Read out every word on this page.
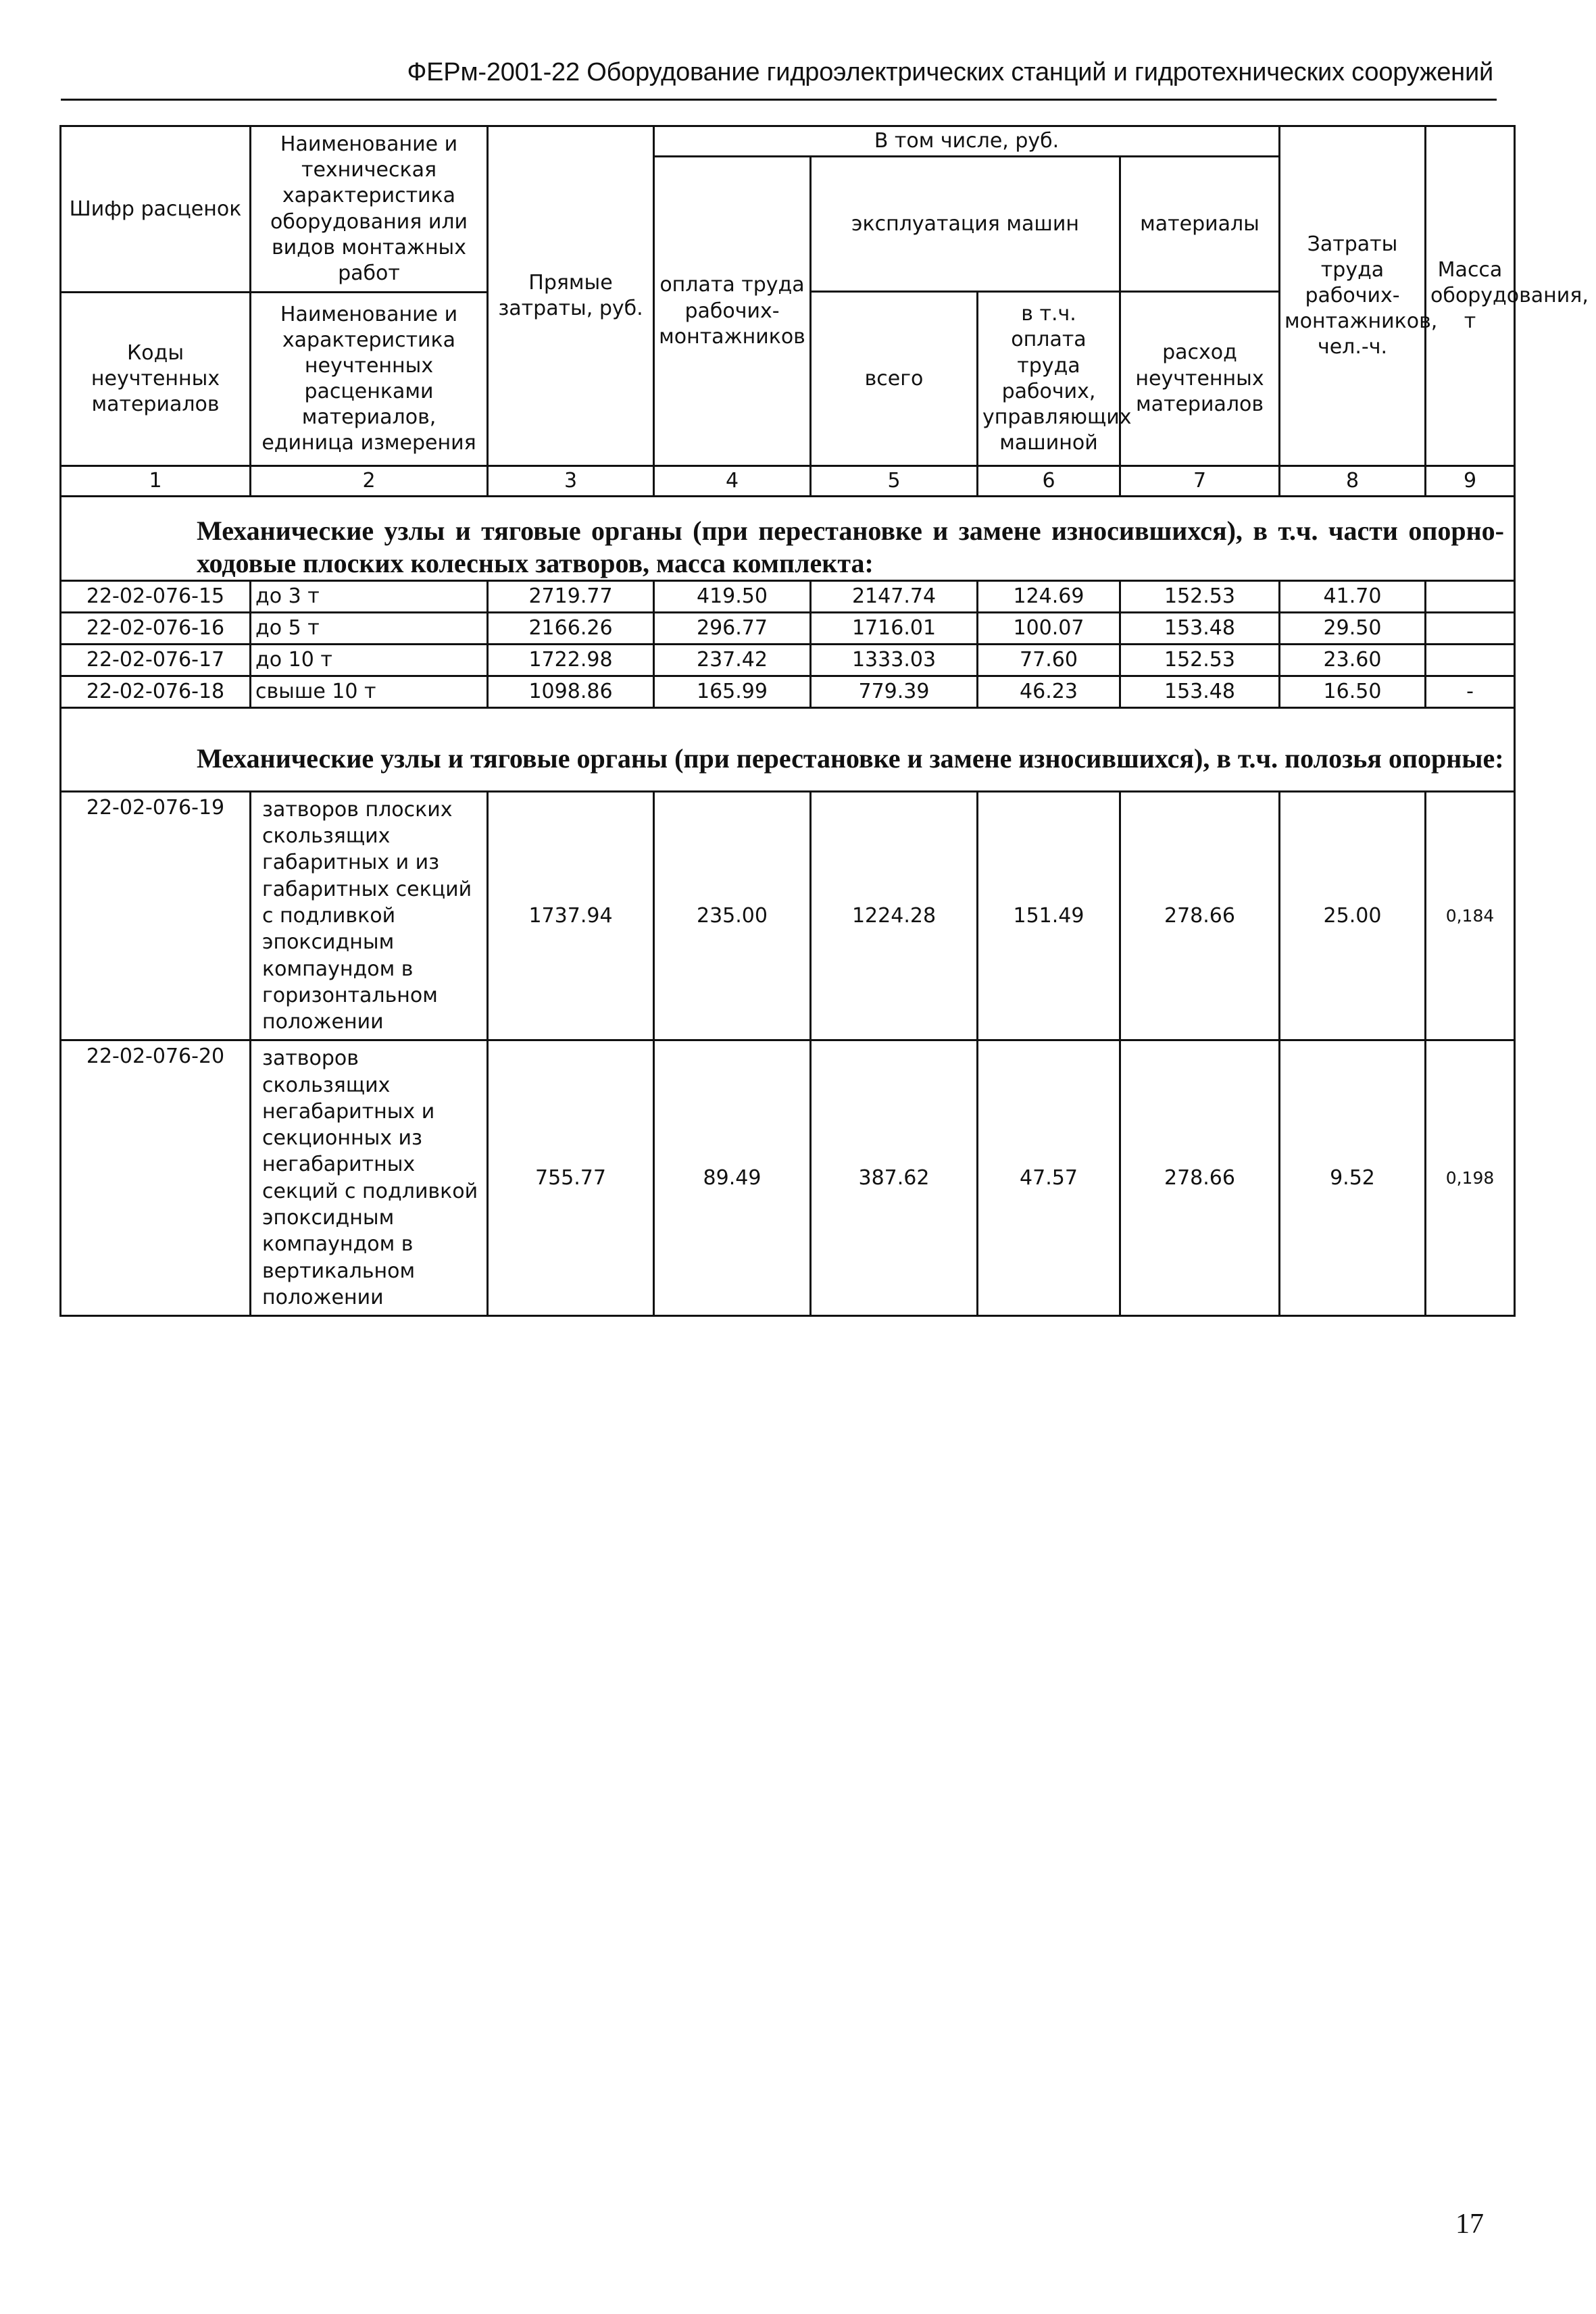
ФЕРм-2001-22 Оборудование гидроэлектрических станций и гидротехнических сооружений
Шифр расценок	Наименование и техническая характеристика оборудования или видов монтажных работ	Прямые затраты, руб.	В том числе, руб.				Затраты труда рабочих-монтажников, чел.-ч.	Масса оборудования, т
			оплата труда рабочих-монтажников	эксплуатация машин		материалы		
				всего	в т.ч. оплата труда рабочих, управляющих машиной	расход неучтенных материалов		
Коды неучтенных материалов	Наименование и характеристика неучтенных расценками материалов, единица измерения							

1	2	3	4	5	6	7	8	9
Механические узлы и тяговые органы (при перестановке и замене износившихся), в т.ч. части опорно-ходовые плоских колесных затворов, масса комплекта:								
22-02-076-15	до 3 т	2719.77	419.50	2147.74	124.69	152.53	41.70	
22-02-076-16	до 5 т	2166.26	296.77	1716.01	100.07	153.48	29.50	
22-02-076-17	до 10 т	1722.98	237.42	1333.03	77.60	152.53	23.60	
22-02-076-18	свыше 10 т	1098.86	165.99	779.39	46.23	153.48	16.50	-
Механические узлы и тяговые органы (при перестановке и замене износившихся), в т.ч. полозья опорные:								
22-02-076-19	затворов плоских скользящих габаритных и из габаритных секций с подливкой эпоксидным компаундом в горизонтальном положении	1737.94	235.00	1224.28	151.49	278.66	25.00	0,184
22-02-076-20	затворов скользящих негабаритных и секционных из негабаритных секций с подливкой эпоксидным компаундом в вертикальном положении	755.77	89.49	387.62	47.57	278.66	9.52	0,198
17
